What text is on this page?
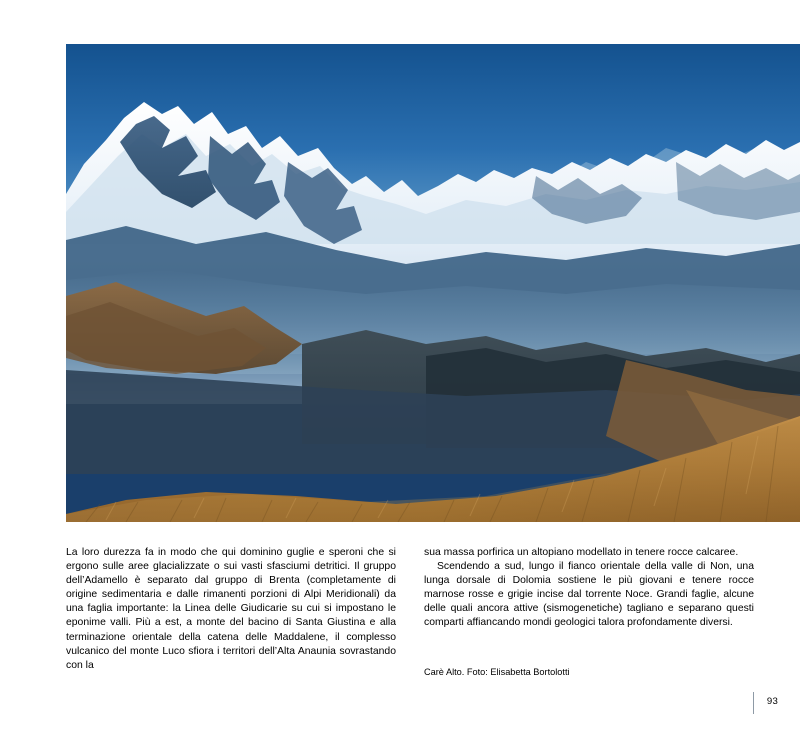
La loro durezza fa in modo che qui dominino guglie e speroni che si ergono sulle aree glacializzate o sui vasti sfasciumi detritici. Il gruppo dell’Adamello è separato dal gruppo di Brenta (completamente di origine sedimentaria e dalle rimanenti porzioni di Alpi Meridionali) da una faglia importante: la Linea delle Giudicarie su cui si impostano le eponime valli. Più a est, a monte del bacino di Santa Giustina e alla terminazione orientale della catena delle Maddalene, il complesso vulcanico del monte Luco sfiora i territori dell’Alta Anaunia sovrastando con la

sua massa porfirica un altopiano modellato in tenere rocce calcaree.

Scendendo a sud, lungo il fianco orientale della valle di Non, una lunga dorsale di Dolomia sostiene le più giovani e tenere rocce marnose rosse e grigie incise dal torrente Noce. Grandi faglie, alcune delle quali ancora attive (sismogenetiche) tagliano e separano questi comparti affiancando mondi geologici talora profondamente diversi.

Carè Alto. Foto: Elisabetta Bortolotti
93
